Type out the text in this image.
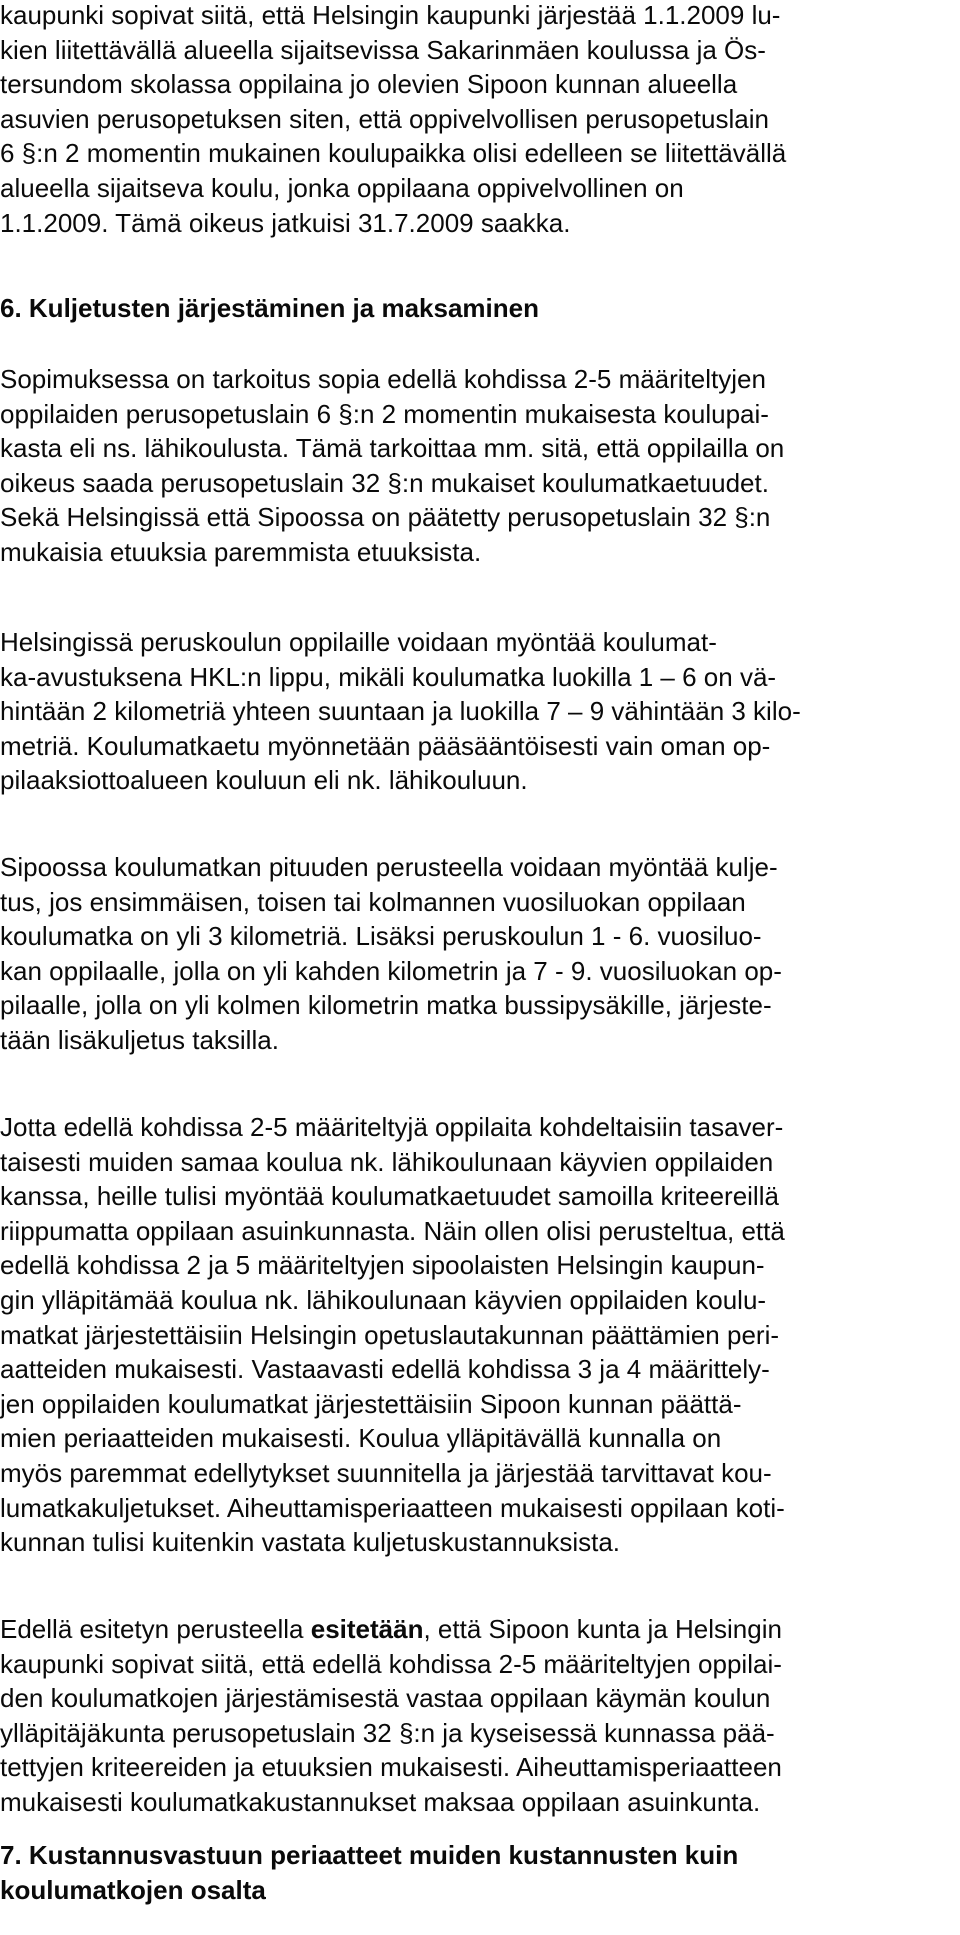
kaupunki sopivat siitä, että Helsingin kaupunki järjestää 1.1.2009 lu-
kien liitettävällä alueella sijaitsevissa Sakarinmäen koulussa ja Ös-
tersundom skolassa oppilaina jo olevien Sipoon kunnan alueella
asuvien perusopetuksen siten, että oppivelvollisen perusopetuslain
6 §:n 2 momentin mukainen koulupaikka olisi edelleen se liitettävällä
alueella sijaitseva koulu, jonka oppilaana oppivelvollinen on
1.1.2009. Tämä oikeus jatkuisi 31.7.2009 saakka.
6. Kuljetusten järjestäminen ja maksaminen
Sopimuksessa on tarkoitus sopia edellä kohdissa 2-5 määriteltyjen
oppilaiden perusopetuslain 6 §:n 2 momentin mukaisesta koulupai-
kasta eli ns. lähikoulusta. Tämä tarkoittaa mm. sitä, että oppilailla on
oikeus saada perusopetuslain 32 §:n mukaiset koulumatkaetuudet.
Sekä Helsingissä että Sipoossa on päätetty perusopetuslain 32 §:n
mukaisia etuuksia paremmista etuuksista.
Helsingissä peruskoulun oppilaille voidaan myöntää koulumat-
ka-avustuksena HKL:n lippu, mikäli koulumatka luokilla 1 – 6 on vä-
hintään 2 kilometriä yhteen suuntaan ja luokilla 7 – 9 vähintään 3 kilo-
metriä. Koulumatkaetu myönnetään pääsääntöisesti vain oman op-
pilaaksiottoalueen kouluun eli nk. lähikouluun.
Sipoossa koulumatkan pituuden perusteella voidaan myöntää kulje-
tus, jos ensimmäisen, toisen tai kolmannen vuosiluokan oppilaan
koulumatka on yli 3 kilometriä. Lisäksi peruskoulun 1 - 6. vuosiluo-
kan oppilaalle, jolla on yli kahden kilometrin ja 7 - 9. vuosiluokan op-
pilaalle, jolla on yli kolmen kilometrin matka bussipysäkille, järjeste-
tään lisäkuljetus taksilla.
Jotta edellä kohdissa 2-5 määriteltyjä oppilaita kohdeltaisiin tasaver-
taisesti muiden samaa koulua nk. lähikoulunaan käyvien oppilaiden
kanssa, heille tulisi myöntää koulumatkaetuudet samoilla kriteereillä
riippumatta oppilaan asuinkunnasta. Näin ollen olisi perusteltua, että
edellä kohdissa 2 ja 5 määriteltyjen sipoolaisten Helsingin kaupun-
gin ylläpitämää koulua nk. lähikoulunaan käyvien oppilaiden koulu-
matkat järjestettäisiin Helsingin opetuslautakunnan päättämien peri-
aatteiden mukaisesti. Vastaavasti edellä kohdissa 3 ja 4 määrittely-
jen oppilaiden koulumatkat järjestettäisiin Sipoon kunnan päättä-
mien periaatteiden mukaisesti. Koulua ylläpitävällä kunnalla on
myös paremmat edellytykset suunnitella ja järjestää tarvittavat kou-
lumatkakuljetukset. Aiheuttamisperiaatteen mukaisesti oppilaan koti-
kunnan tulisi kuitenkin vastata kuljetuskustannuksista.
Edellä esitetyn perusteella esitetään, että Sipoon kunta ja Helsingin
kaupunki sopivat siitä, että edellä kohdissa 2-5 määriteltyjen oppilai-
den koulumatkojen järjestämisestä vastaa oppilaan käymän koulun
ylläpitäjäkunta perusopetuslain 32 §:n ja kyseisessä kunnassa pää-
tettyjen kriteereiden ja etuuksien mukaisesti. Aiheuttamisperiaatteen
mukaisesti koulumatkakustannukset maksaa oppilaan asuinkunta.
7. Kustannusvastuun periaatteet muiden kustannusten kuin
koulumatkojen osalta
